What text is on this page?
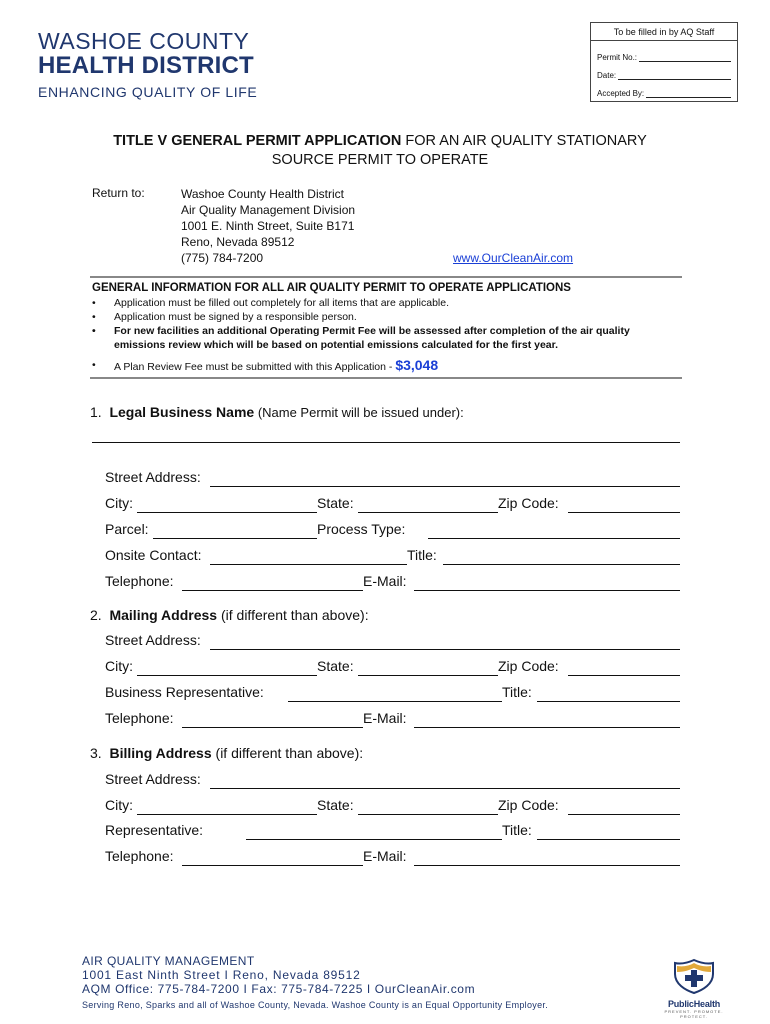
WASHOE COUNTY
HEALTH DISTRICT
ENHANCING QUALITY OF LIFE
To be filled in by AQ Staff
Permit No.:
Date:
Accepted By:
TITLE V GENERAL PERMIT APPLICATION FOR AN AIR QUALITY STATIONARY
SOURCE PERMIT TO OPERATE
Return to:	Washoe County Health District
Air Quality Management Division
1001 E. Ninth Street, Suite B171
Reno, Nevada 89512
(775) 784-7200	www.OurCleanAir.com
GENERAL INFORMATION FOR ALL AIR QUALITY PERMIT TO OPERATE APPLICATIONS
• Application must be filled out completely for all items that are applicable.
• Application must be signed by a responsible person.
• For new facilities an additional Operating Permit Fee will be assessed after completion of the air quality
emissions review which will be based on potential emissions calculated for the first year.
• A Plan Review Fee must be submitted with this Application - $3,048
1. Legal Business Name (Name Permit will be issued under):
Street Address:
City:	State:	Zip Code:
Parcel:	Process Type:
Onsite Contact:	Title:
Telephone:	E-Mail:
2. Mailing Address (if different than above):
Street Address:
City:	State:	Zip Code:
Business Representative:	Title:
Telephone:	E-Mail:
3. Billing Address (if different than above):
Street Address:
City:	State:	Zip Code:
Representative:	Title:
Telephone:	E-Mail:
AIR QUALITY MANAGEMENT
1001 East Ninth Street I Reno, Nevada 89512
AQM Office: 775-784-7200 I Fax: 775-784-7225 I OurCleanAir.com
Serving Reno, Sparks and all of Washoe County, Nevada. Washoe County is an Equal Opportunity Employer.	PublicHealth
PREVENT. PROMOTE. PROTECT.
